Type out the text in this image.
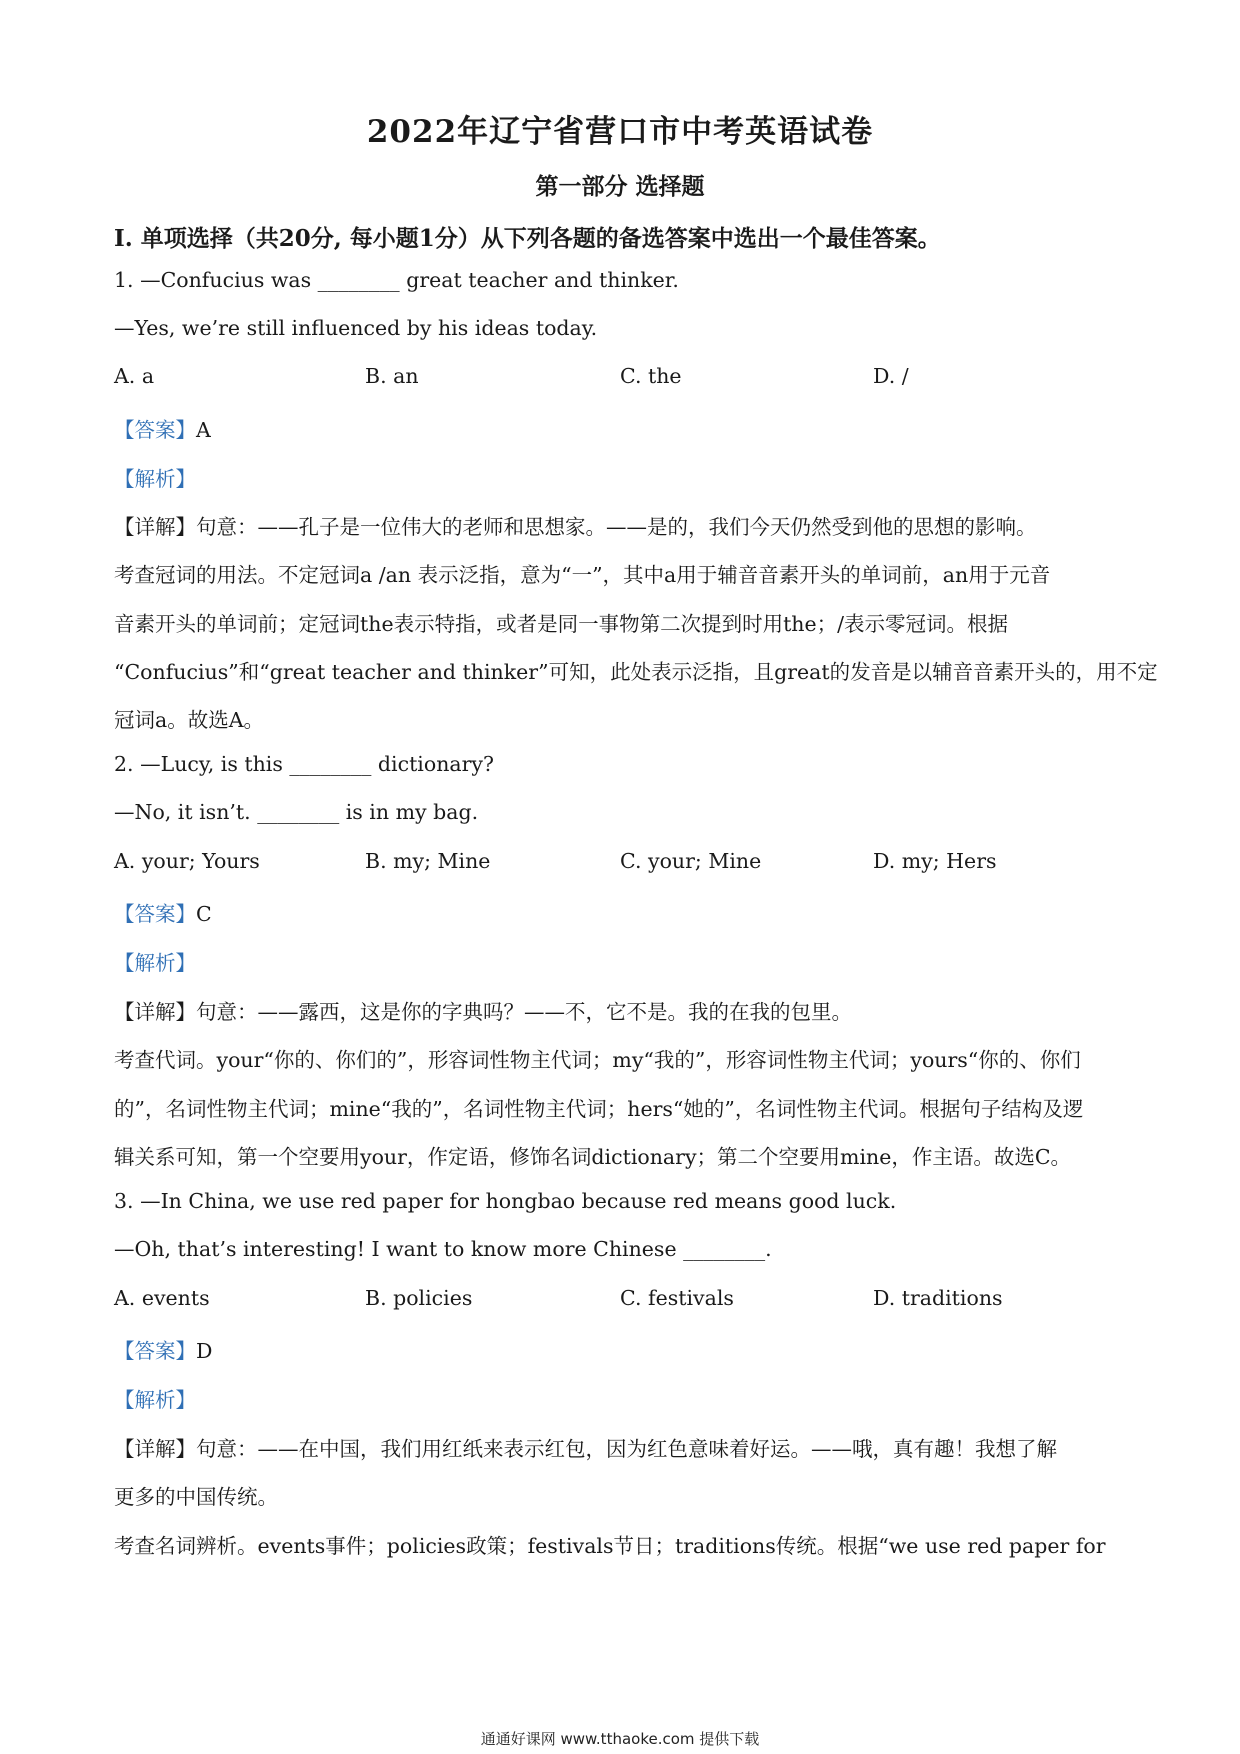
2022年辽宁省营口市中考英语试卷
第一部分 选择题
I. 单项选择（共20分, 每小题1分）从下列各题的备选答案中选出一个最佳答案。
1. —Confucius was ________ great teacher and thinker.
—Yes, we’re still influenced by his ideas today.
A. a	B. an	C. the	D. /
【答案】A
【解析】
【详解】句意：——孔子是一位伟大的老师和思想家。——是的，我们今天仍然受到他的思想的影响。
考查冠词的用法。不定冠词a /an 表示泛指，意为“一”，其中a用于辅音音素开头的单词前，an用于元音
音素开头的单词前；定冠词the表示特指，或者是同一事物第二次提到时用the；/表示零冠词。根据
“Confucius”和“great teacher and thinker”可知，此处表示泛指，且great的发音是以辅音音素开头的，用不定
冠词a。故选A。
2. —Lucy, is this ________ dictionary?
—No, it isn’t. ________ is in my bag.
A. your; Yours	B. my; Mine	C. your; Mine	D. my; Hers
【答案】C
【解析】
【详解】句意：——露西，这是你的字典吗？——不，它不是。我的在我的包里。
考查代词。your“你的、你们的”，形容词性物主代词；my“我的”，形容词性物主代词；yours“你的、你们
的”，名词性物主代词；mine“我的”，名词性物主代词；hers“她的”，名词性物主代词。根据句子结构及逻
辑关系可知，第一个空要用your，作定语，修饰名词dictionary；第二个空要用mine，作主语。故选C。
3. —In China, we use red paper for hongbao because red means good luck.
—Oh, that’s interesting! I want to know more Chinese ________.
A. events	B. policies	C. festivals	D. traditions
【答案】D
【解析】
【详解】句意：——在中国，我们用红纸来表示红包，因为红色意味着好运。——哦，真有趣！我想了解
更多的中国传统。
考查名词辨析。events事件；policies政策；festivals节日；traditions传统。根据“we use red paper for
通通好课网 www.tthaoke.com 提供下载
